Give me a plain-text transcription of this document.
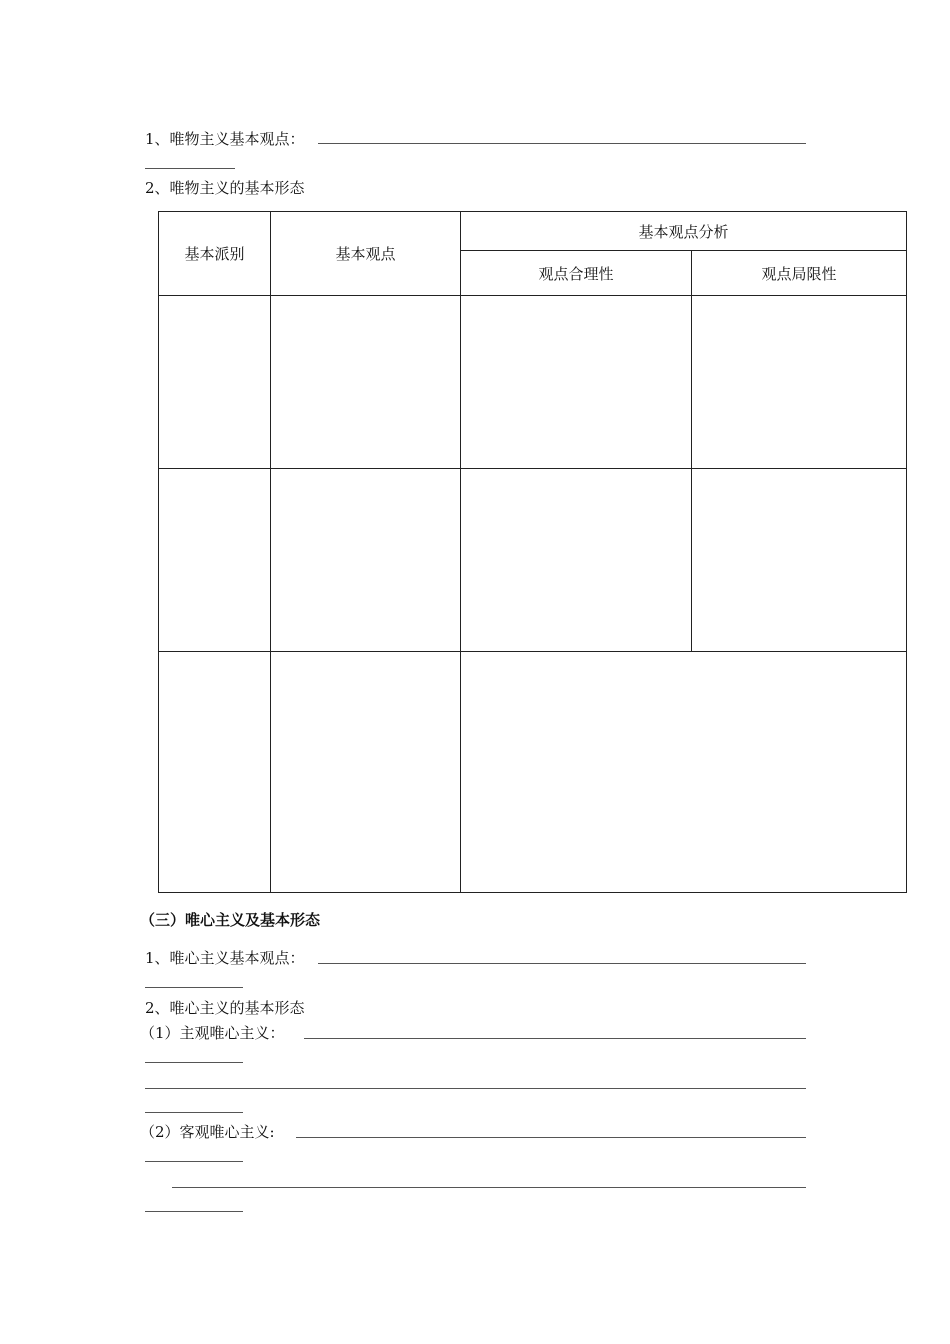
1、唯物主义基本观点：
2、唯物主义的基本形态
基本派别	基本观点	基本观点分析	
		观点合理性	观点局限性

（三）唯心主义及基本形态
1、唯心主义基本观点：
2、唯心主义的基本形态
（1）主观唯心主义：
（2）客观唯心主义:
